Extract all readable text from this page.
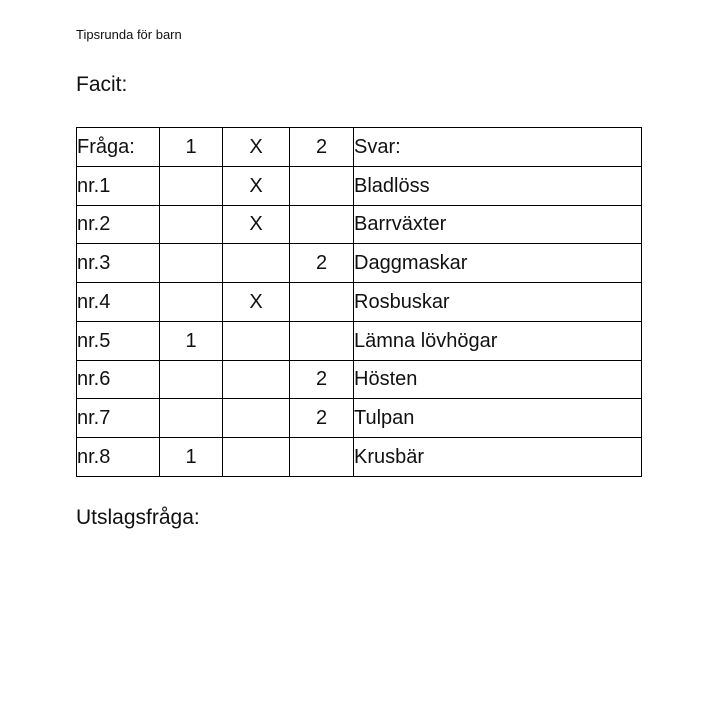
Tipsrunda för barn
Facit:
Fråga:	1	X	2	Svar:
nr.1		X		Bladlöss
nr.2		X		Barrväxter
nr.3			2	Daggmaskar
nr.4		X		Rosbuskar
nr.5	1			Lämna lövhögar
nr.6			2	Hösten
nr.7			2	Tulpan
nr.8	1			Krusbär
Utslagsfråga:
